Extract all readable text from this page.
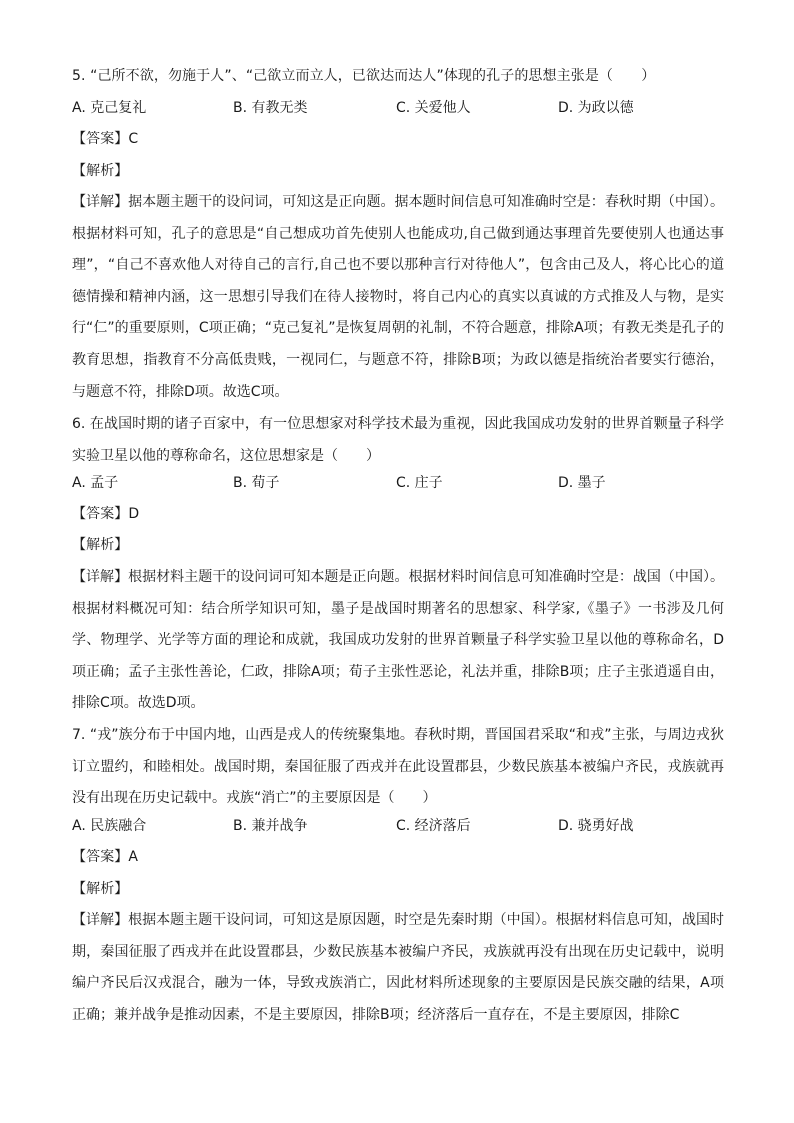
5. “己所不欲，勿施于人”、“己欲立而立人，已欲达而达人”体现的孔子的思想主张是（　　）
A. 克己复礼	B. 有教无类	C. 关爱他人	D. 为政以德
【答案】C
【解析】
【详解】据本题主题干的设问词，可知这是正向题。据本题时间信息可知准确时空是：春秋时期（中国）。根据材料可知，孔子的意思是“自己想成功首先使别人也能成功,自己做到通达事理首先要使别人也通达事理”，“自己不喜欢他人对待自己的言行,自己也不要以那种言行对待他人”，包含由己及人，将心比心的道德情操和精神内涵，这一思想引导我们在待人接物时，将自己内心的真实以真诚的方式推及人与物，是实行“仁”的重要原则，C项正确；“克己复礼”是恢复周朝的礼制，不符合题意，排除A项；有教无类是孔子的教育思想，指教育不分高低贵贱，一视同仁，与题意不符，排除B项；为政以德是指统治者要实行德治，与题意不符，排除D项。故选C项。
6. 在战国时期的诸子百家中，有一位思想家对科学技术最为重视，因此我国成功发射的世界首颗量子科学实验卫星以他的尊称命名，这位思想家是（　　）
A. 孟子	B. 荀子	C. 庄子	D. 墨子
【答案】D
【解析】
【详解】根据材料主题干的设问词可知本题是正向题。根据材料时间信息可知准确时空是：战国（中国）。根据材料概况可知：结合所学知识可知，墨子是战国时期著名的思想家、科学家,《墨子》一书涉及几何学、物理学、光学等方面的理论和成就，我国成功发射的世界首颗量子科学实验卫星以他的尊称命名，D项正确；孟子主张性善论，仁政，排除A项；荀子主张性恶论，礼法并重，排除B项；庄子主张逍遥自由，排除C项。故选D项。
7. “戎”族分布于中国内地，山西是戎人的传统聚集地。春秋时期，晋国国君采取“和戎”主张，与周边戎狄订立盟约，和睦相处。战国时期，秦国征服了西戎并在此设置郡县，少数民族基本被编户齐民，戎族就再没有出现在历史记载中。戎族“消亡”的主要原因是（　　）
A. 民族融合	B. 兼并战争	C. 经济落后	D. 骁勇好战
【答案】A
【解析】
【详解】根据本题主题干设问词，可知这是原因题，时空是先秦时期（中国）。根据材料信息可知，战国时期，秦国征服了西戎并在此设置郡县，少数民族基本被编户齐民，戎族就再没有出现在历史记载中，说明编户齐民后汉戎混合，融为一体，导致戎族消亡，因此材料所述现象的主要原因是民族交融的结果，A项正确；兼并战争是推动因素，不是主要原因，排除B项；经济落后一直存在，不是主要原因，排除C
